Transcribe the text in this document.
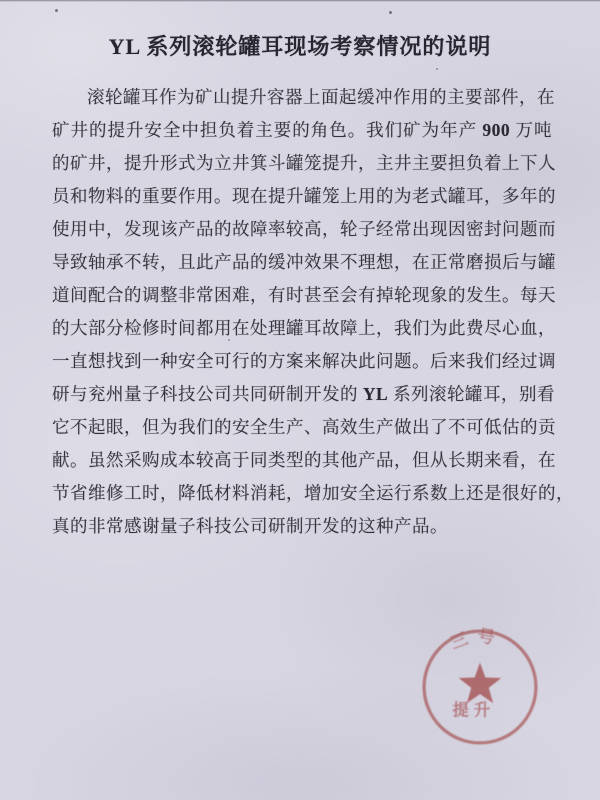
YL 系列滚轮罐耳现场考察情况的说明
滚轮罐耳作为矿山提升容器上面起缓冲作用的主要部件，在
矿井的提升安全中担负着主要的角色。我们矿为年产 900 万吨
的矿井，提升形式为立井箕斗罐笼提升，主井主要担负着上下人
员和物料的重要作用。现在提升罐笼上用的为老式罐耳，多年的
使用中，发现该产品的故障率较高，轮子经常出现因密封问题而
导致轴承不转，且此产品的缓冲效果不理想，在正常磨损后与罐
道间配合的调整非常困难，有时甚至会有掉轮现象的发生。每天
的大部分检修时间都用在处理罐耳故障上，我们为此费尽心血，
一直想找到一种安全可行的方案来解决此问题。后来我们经过调
研与兖州量子科技公司共同研制开发的 YL 系列滚轮罐耳，别看
它不起眼，但为我们的安全生产、高效生产做出了不可低估的贡
献。虽然采购成本较高于同类型的其他产品，但从长期来看，在
节省维修工时，降低材料消耗，增加安全运行系数上还是很好的，
真的非常感谢量子科技公司研制开发的这种产品。
三号
提升
